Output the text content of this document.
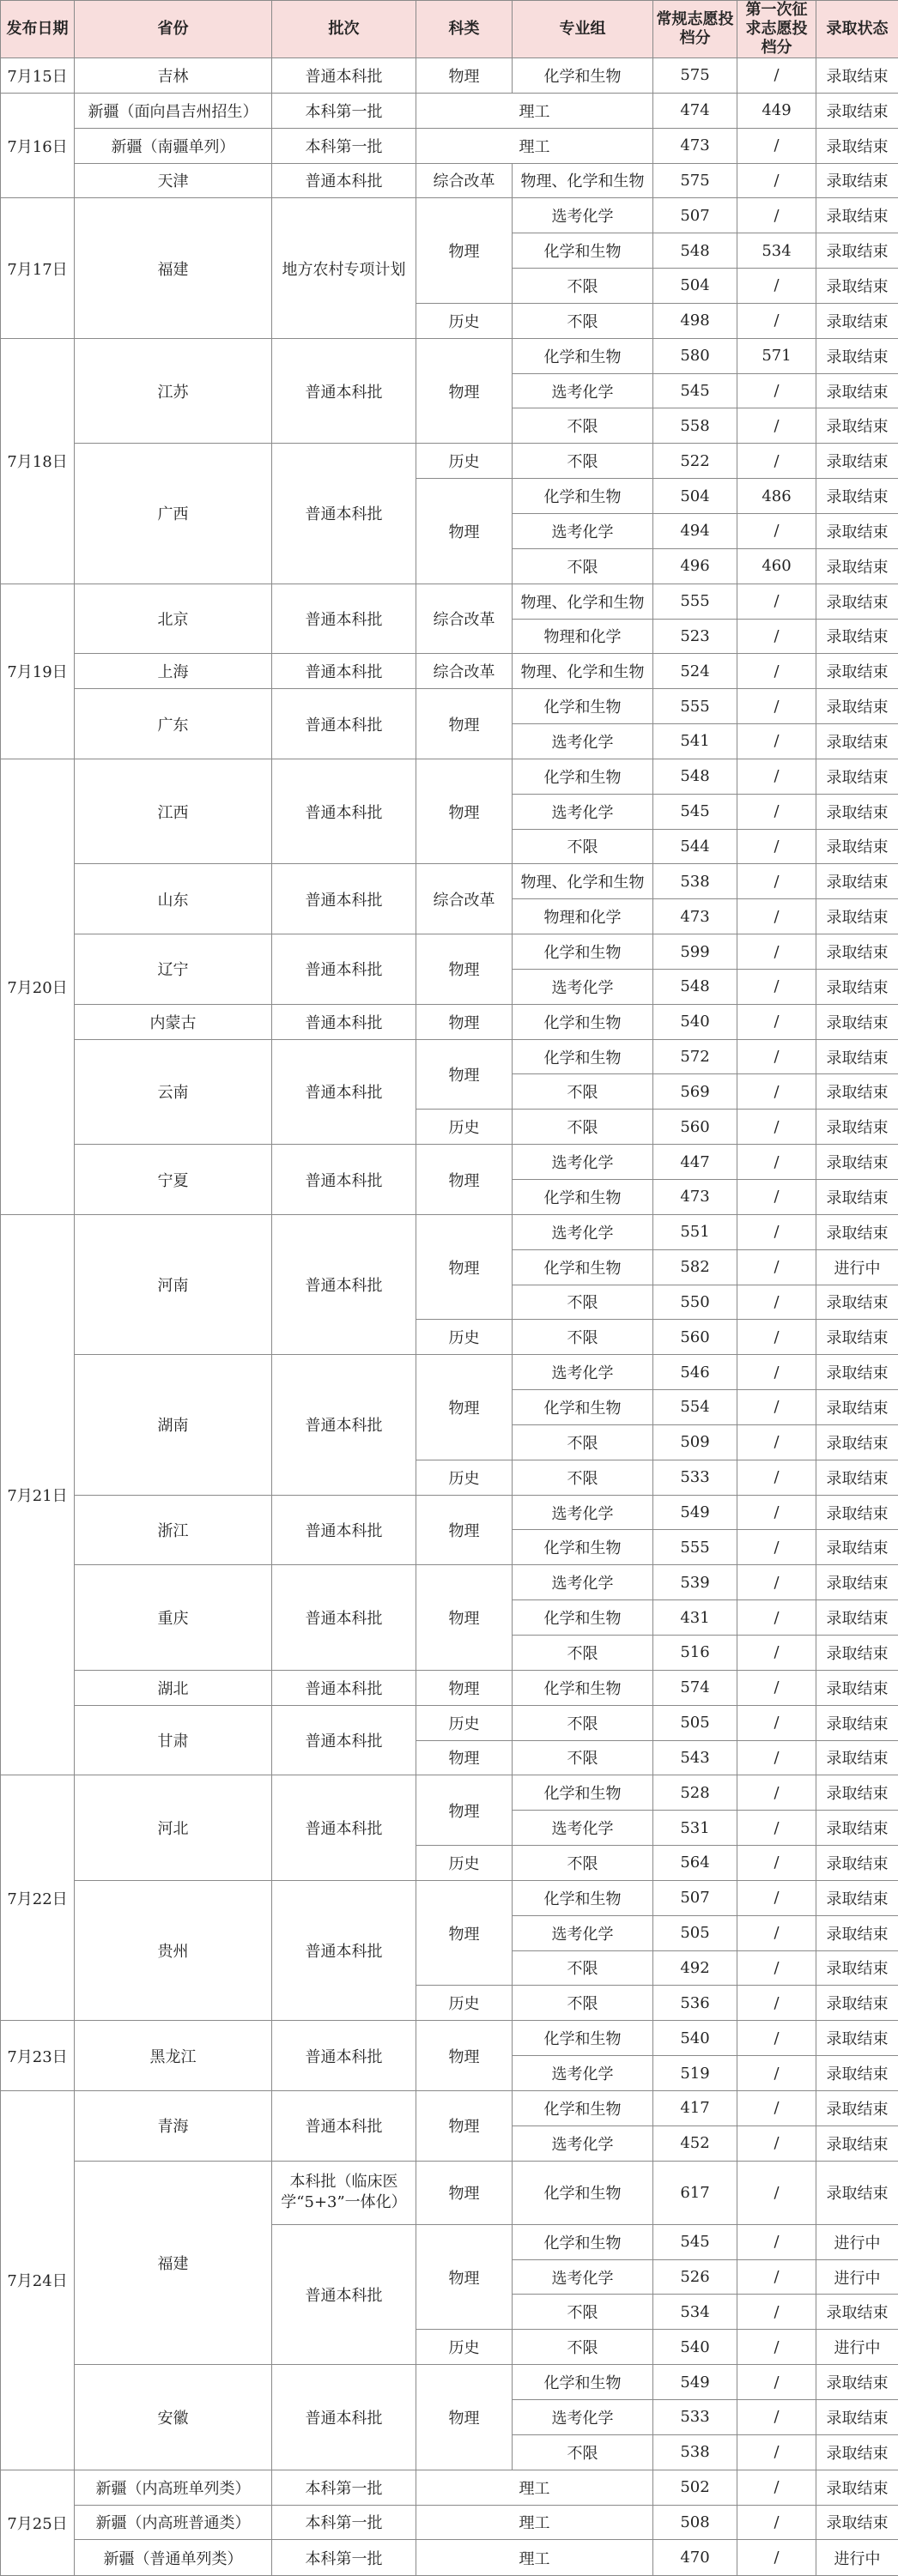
发布日期	省份	批次	科类	专业组	常规志愿投档分	第一次征求志愿投档分	录取状态
7月15日	吉林	普通本科批	物理	化学和生物	575	/	录取结束
7月16日	新疆（面向昌吉州招生）	本科第一批	理工		474	449	录取结束
	新疆（南疆单列）	本科第一批	理工		473	/	录取结束
	天津	普通本科批	综合改革	物理、化学和生物	575	/	录取结束
7月17日	福建	地方农村专项计划	物理	选考化学	507	/	录取结束
				化学和生物	548	534	录取结束
				不限	504	/	录取结束
			历史	不限	498	/	录取结束
7月18日	江苏	普通本科批	物理	化学和生物	580	571	录取结束
				选考化学	545	/	录取结束
				不限	558	/	录取结束
	广西	普通本科批	历史	不限	522	/	录取结束
			物理	化学和生物	504	486	录取结束
				选考化学	494	/	录取结束
				不限	496	460	录取结束
7月19日	北京	普通本科批	综合改革	物理、化学和生物	555	/	录取结束
				物理和化学	523	/	录取结束
	上海	普通本科批	综合改革	物理、化学和生物	524	/	录取结束
	广东	普通本科批	物理	化学和生物	555	/	录取结束
				选考化学	541	/	录取结束
7月20日	江西	普通本科批	物理	化学和生物	548	/	录取结束
				选考化学	545	/	录取结束
				不限	544	/	录取结束
	山东	普通本科批	综合改革	物理、化学和生物	538	/	录取结束
				物理和化学	473	/	录取结束
	辽宁	普通本科批	物理	化学和生物	599	/	录取结束
				选考化学	548	/	录取结束
	内蒙古	普通本科批	物理	化学和生物	540	/	录取结束
	云南	普通本科批	物理	化学和生物	572	/	录取结束
				不限	569	/	录取结束
			历史	不限	560	/	录取结束
	宁夏	普通本科批	物理	选考化学	447	/	录取结束
				化学和生物	473	/	录取结束
7月21日	河南	普通本科批	物理	选考化学	551	/	录取结束
				化学和生物	582	/	进行中
				不限	550	/	录取结束
			历史	不限	560	/	录取结束
	湖南	普通本科批	物理	选考化学	546	/	录取结束
				化学和生物	554	/	录取结束
				不限	509	/	录取结束
			历史	不限	533	/	录取结束
	浙江	普通本科批	物理	选考化学	549	/	录取结束
				化学和生物	555	/	录取结束
	重庆	普通本科批	物理	选考化学	539	/	录取结束
				化学和生物	431	/	录取结束
				不限	516	/	录取结束
	湖北	普通本科批	物理	化学和生物	574	/	录取结束
	甘肃	普通本科批	历史	不限	505	/	录取结束
			物理	不限	543	/	录取结束
7月22日	河北	普通本科批	物理	化学和生物	528	/	录取结束
				选考化学	531	/	录取结束
			历史	不限	564	/	录取结束
	贵州	普通本科批	物理	化学和生物	507	/	录取结束
				选考化学	505	/	录取结束
				不限	492	/	录取结束
			历史	不限	536	/	录取结束
7月23日	黑龙江	普通本科批	物理	化学和生物	540	/	录取结束
				选考化学	519	/	录取结束
7月24日	青海	普通本科批	物理	化学和生物	417	/	录取结束
				选考化学	452	/	录取结束
	福建	本科批（临床医学“5+3”一体化）	物理	化学和生物	617	/	录取结束
		普通本科批	物理	化学和生物	545	/	进行中
				选考化学	526	/	进行中
				不限	534	/	录取结束
			历史	不限	540	/	进行中
	安徽	普通本科批	物理	化学和生物	549	/	录取结束
				选考化学	533	/	录取结束
				不限	538	/	录取结束
7月25日	新疆（内高班单列类）	本科第一批	理工		502	/	录取结束
	新疆（内高班普通类）	本科第一批	理工		508	/	录取结束
	新疆（普通单列类）	本科第一批	理工		470	/	进行中
